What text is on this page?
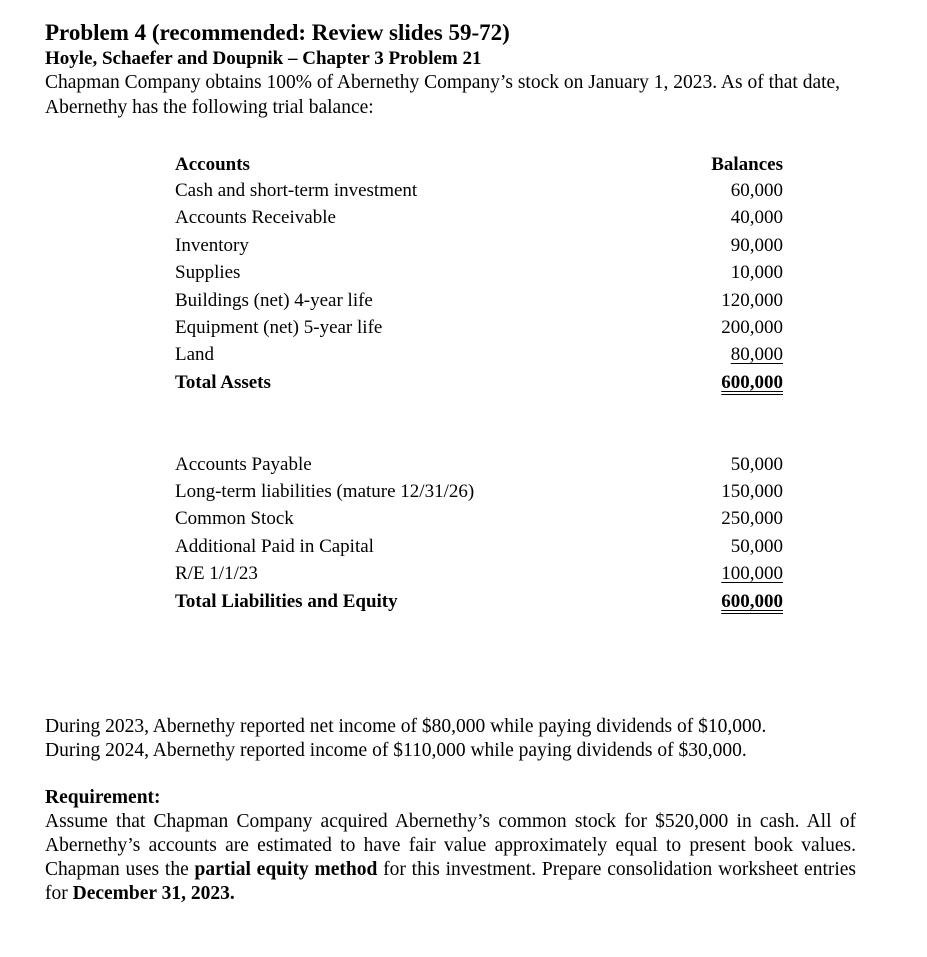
Problem 4 (recommended: Review slides 59-72)
Hoyle, Schaefer and Doupnik – Chapter 3 Problem 21
Chapman Company obtains 100% of Abernethy Company’s stock on January 1, 2023. As of that date, Abernethy has the following trial balance:
Accounts	Balances
Cash and short-term investment	60,000
Accounts Receivable	40,000
Inventory	90,000
Supplies	10,000
Buildings (net) 4-year life	120,000
Equipment (net) 5-year life	200,000
Land	80,000
Total Assets	600,000
Accounts Payable	50,000
Long-term liabilities (mature 12/31/26)	150,000
Common Stock	250,000
Additional Paid in Capital	50,000
R/E 1/1/23	100,000
Total Liabilities and Equity	600,000
During 2023, Abernethy reported net income of $80,000 while paying dividends of $10,000.
During 2024, Abernethy reported income of $110,000 while paying dividends of $30,000.
Requirement:
Assume that Chapman Company acquired Abernethy’s common stock for $520,000 in cash. All of Abernethy’s accounts are estimated to have fair value approximately equal to present book values. Chapman uses the partial equity method for this investment. Prepare consolidation worksheet entries for December 31, 2023.
